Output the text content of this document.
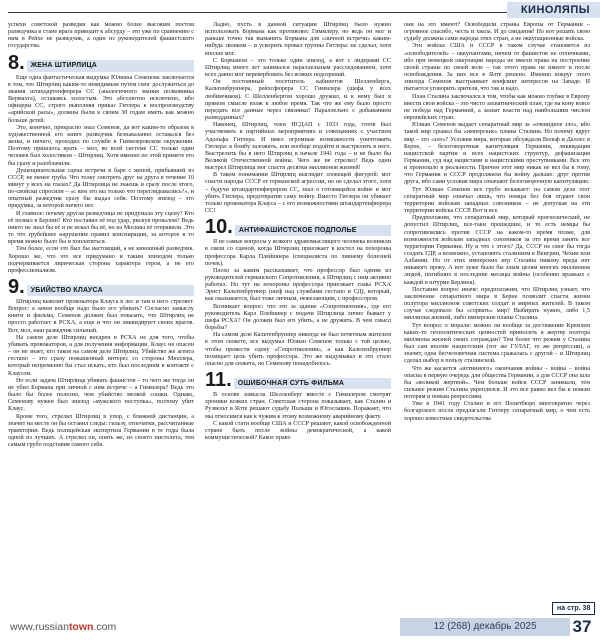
КИНОЛЯПЫ

успехи советской разведки как можно более высоким постом разведчика в стане врага приводит к абсурду – это уже по сравнению с ним в Рейхе не разведчик, а один из руководителей фашистского государства.

8. ЖЕНА ШТИРЛИЦА

Еще одна фантастическая выдумка Юлиана Семенова заключается в том, что Штирлиц каким-то невидимым путем смог дослужиться до звания штандартенфюрера СС (аналогичного звания полковника Вермахта), оставаясь холостым. Это абсолютно исключено, ибо офицеры СС, строго выполняя приказ Гитлера к воспроизводству «арийской расы», должны были к своим 30 годам иметь как можно больше детей.

Это, конечно, прекрасно знал Семенов, да вот каким-то образом в художественной его книге разведчик безнаказанно оставался без жены, и ничего, проходил по службе в Гиммлеровском окружении. Поэтому пришлось врать – мол, во всей системе СС только один человек был холостяком – Штирлиц. Хотя именно по этой примете его бы сразу и разоблачили.

Душещипательная сцена встречи в баре с женой, прибывшей из СССР, не менее груба. Что толку смотреть друг на друга в течение 10 минут у всех на глазах? Да Штирлица не знаешь и сразу после этого, по-свойски спросили – «с кем это вы только что переглядывались?», и опытный разведчик сразу бы выдал себя. Поэтому эпизод – это придумка, за которой ничего нет.

И главное: почему другая разведчица не придумала эту сцену? Кто её позвал в Берлин? Кто поставил её под удар, рискуя провалом? Ведь никто не знал бы её и не искал бы её, но из Москвы её отправили. Это то что грубейшее нарушение правил конспирации, за которое в то время можно было бы и поплатиться.

Тем более, если это был бы настоящий, а не киношный разведчик. Хорошо же, что это все придумано и таким эпизодом только подчеркивается лирическая сторона характера героя, а не его профессионализм.

9. УБИЙСТВО КЛАУСА

Штирлиц вывозит провокатора Клауса в лес и там в него стреляет. Вопрос: а зачем вообще надо было его убивать? Согласно замыслу книги и фильма, Семенов должен был показать, что Штирлиц не просто работает в РСХА, а еще и что он ликвидирует своих врагов. Вот, мол, наш разведчик сильный.

На самом деле Штирлиц внедрен в РСХА не для того, чтобы убивать провокаторов, а для получения информации. Клаус не опасен – он не знает, кто таков на самом деле Штирлиц. Убийство же агента гестапо – это сразу повышенный интерес со стороны Мюллера, который непременно бы стал искать, кто был последним в контакте с Клаусом.

Но если задача Штирлица убивать фашистов – то чего же тогда он не убил Бормана при личной с ним встрече – а Гиммлера? Ведь это было бы более полезно, чем убийство мелкой сошки. Однако, Семенову нужен был эпизод «мужского поступка», поэтому убит Клаус.

Кроме того, стрелял Штирлиц в упор, с ближней дистанции, а значит на месте он бы оставил следы: гильзу, отпечатки, рассчитанные траектории. Ведь полицейская экспертиза Германии в те годы была одной из лучших. А стрелял он, опять же, из своего пистолета, тем самым грубо подставив самого себя.

Ладно, пусть в данной ситуации Штирлиц было нужно использовать Бормана как противовес Гиммлеру, но ведь он мог и раньше точно так выманить Бормана для «личной встречи» каким-нибудь звонком – и ускорить провал группы Гитлера: не сделал, хотя вполне мог.

С Борманом – это только один эпизод, а вот с лидерами СС Штирлиц много лет занимался параллельным расследованием, хотя всех давно мог перевербовать без всяких подозрений.

Он постоянный посетитель кабинетов Шелленберга, Кальтенбруннера, рейхсфюрера СС Гиммлера (шефа у всех любимчиков). С Шелленбергом хорошо дружил, и к нему был в прямом смысле вхож в любое время. Так что же ему было просто передать все данные через связника? Параллельно с добыванием разведданных?

Наконец, Штирлиц, член НСДАП с 1933 года, готов был участвовать в партийных мероприятиях и совещаниях с участием Адольфа Гитлера. И имел огромные возможности уничтожить Гитлера: к бомбу заложить, или вообще подойти и выстрелить в него. Выстрелить бы в него Штирлиц в начале 1941 года – и не было бы Великой Отечественной войны. Чего же не стрелял? Ведь один выстрел Штирлица мог спасти десятки миллионов жизней!

В таком понимании Штирлиц выглядит зловещей фигурой: мог спасти народы СССР от германской агрессии, но не сделал этого, хотя – будучи штандартенфюрером СС, знал о готовящейся войне и мог убить Гитлера, предотвратив саму войну. Вместо Гитлера он убивает только провокатора Клауса – с его возможностями штандартенфюрера СС!

10. АНТИФАШИСТСКОЕ ПОДПОЛЬЕ

Я не самые вопросы у всякого здравомыслящего человека возникли в связи со сценой, когда Штирлиц приезжает в костел на похороны профессора Карла Плейшнера (специалиста по ливнему болезней почек).

Плохо за каким рассказывает, что профессор был одним из руководителей германского Сопротивления, а Штирлиц с ним активно работал. Но тут на похороны профессора приезжает глава РСХА Эрнст Кальтенбруннер (шеф над службами гестапо и СД), который, как оказывается, был тоже личным, нежелающим, с профессором.

Возникает вопрос: что это за здание «Сопротивления», где его руководитель Карл Плейшнер с подачи Штирлица лично бывает у шефа РСХА? Он должен был его убить, а не дружить. В чем смысл борьбы?

На самом деле Кальтенбруннер никогда не был почетным жителем в этом сюжете, все выдумал Юлиан Семенов только с той целью, чтобы провести сцену «Сопротивления», а как Кальтенбруннер похищает цель убить профессора. Это же выдумывал и это стало опасно для сюжета, но Семенову понадобилось.

11. ОШИБОЧНАЯ СУТЬ ФИЛЬМА

В основе замысла Шелленберг вместе с Гиммлером смотрят хроники всяких стран. Советская сторона показывает, как Сталин и Рузвельт в Ялте решают судьбу Польши и Югославии. Поражает, что мы относимся как к чужим к этому возможному аварийному факту.

С какой стати вообще США и СССР решают, какой освобожденной стране быть после войны демократической, а какой коммунистической? Какое право

они на это имеют? Освободили страны Европы от Германии – огромное спасибо, честь и хвала. И до свидания! Но вот решать свою судьбу должны сами народы этих стран, а не оккупационные войска.

Эти войска США и СССР в таком случае становятся из «освободителей» – оккупантами, ничем от фашистов не отличными, ибо при немецкой оккупации народы не имели права на построение своей страны по своей воле – так этого права не имеют и после освобождения. За них все в Ялте решено. Именно вокруг этого эпизода Семенов выстраивает конфликт интересов на Западе. И пытается уговорить зрителя, что так и надо.

План Сталина заключался в том, чтобы как можно глубже в Европу ввести свои войска – это чисто захватнический план, где на кону вовсе не победа над Германией, а захват власти над наибольшим числом европейских стран.

Юлиан Семенов выдает сепаратный мир за «очевидное зло», ибо такой мир срывал бы «имперские» планы Сталина. Но почему вдруг мир – это «зло»? Условия мира, которые обсуждали Вольф и Даллес в Берне, – безоговорочная капитуляция Германии, ликвидация нацистской партии и всех нацистских структур, дефашизация Германии, суд над нацистами и нацистскими преступниками. Все это и произошло в реальности. Причем этот мир никак не вел бы к тому, что Германия и СССР продолжили бы войну дальше: друг против друга, ибо сами условия мира означают безоговорочную капитуляцию.

Тут Юлиан Семенов все грубо искажает: на самом деле этот сепаратный мир означал лишь, что немцы без боя отдают свои территории войскам западных союзников – не допуская на эти территории войска СССР. Вот и все.

Предположим, что сепаратный мир, который прогнозический, не допустил Штирлиц, все-таки прошедшее, и то есть немцы бы сопротивлялись против СССР на каком-то время позже, для возможности войскам западных союзников за это время занять все территории Германии. Ну и что с этого? Да, СССР не смог бы тогда создать ГДР, а возможно, установить сталинизм в Венгрии, Чехии или Албании. Но от этих имперских игр Сталина никому вреда нет никакого проку. А вот хуже было бы злым целям многих миллионов людей, погибших в последние месяцы войны (особенно вражьих с каждой в штурме Берлина).

Поставим вопрос иначе: предположим, что Штирлиц узнает, что заключение сепаратного мира в Берне позволит спасти жизни полутора миллионов советских солдат и мирных жителей. В таком случае следовало бы «сорвать» мир? Выбирать нужно, либо 1,5 миллиона жизней, либо имперские планы Сталина.

Тут вопрос о морали: можно ли вообще за достижение Кремлем каких-то геополитических ценностей приносить в жертву полтора миллиона жизней своих сограждан? Тем более что режим у Сталина был сам вполне нацистским (тот же ГУЛАГ, те же репрессии), а значит, одна бесчеловечная система сражалась с другой – и Штирлиц сделал выбор в пользу сталинской.

Что же касается «истинного» окончания войны – война – война опасна в первую очередь для общества Германии, а для СССР она шла бы «великой жертвой». Чем больше войск СССР занимали, тем сильнее режим Сталина укреплялся. И это все равно вел бы к новым потерям и новым репрессиям.

Уже в 1941 году Сталин и его Политбюро многократно через болгарского посла предлагали Гитлеру сепаратный мир, о чем есть хорошо известные свидетельства

на стр. 38
www.russiantown.com	12 (268) декабрь 2025	37
